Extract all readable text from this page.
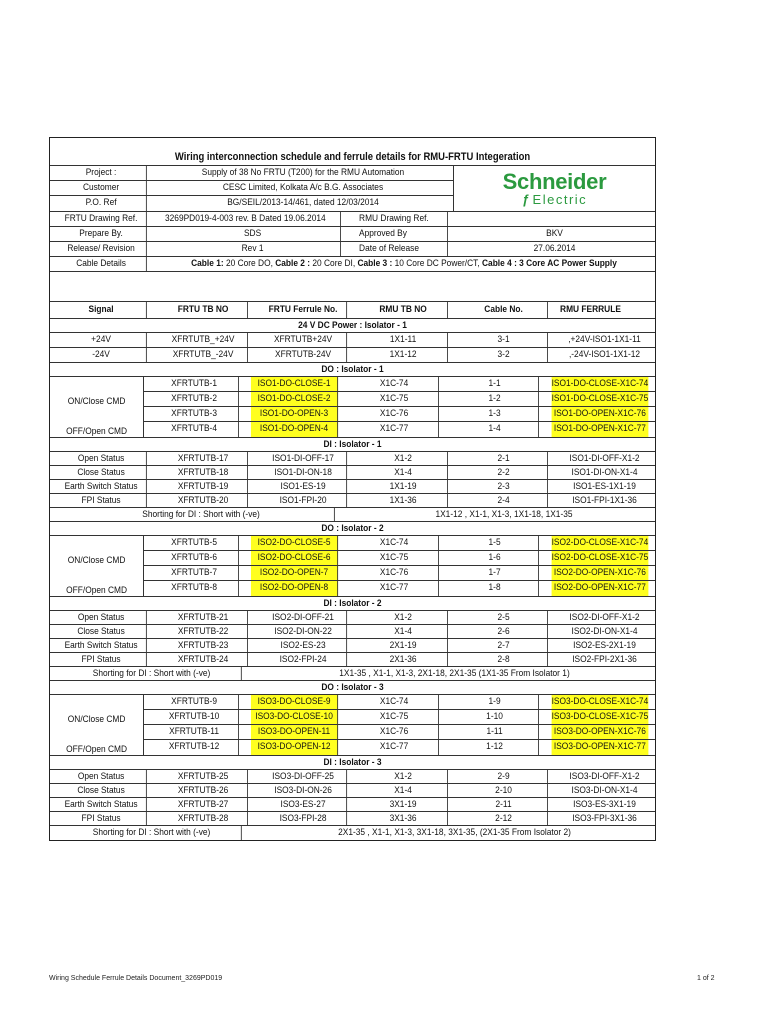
Wiring interconnection schedule and ferrule details for RMU-FRTU Integeration
Project :	Supply of 38 No FRTU (T200) for the RMU Automation
Customer	CESC Limited, Kolkata A/c B.G. Associates
P.O. Ref	BG/SEIL/2013-14/461, dated 12/03/2014
Schneider
ƒ Electric
FRTU Drawing Ref.	3269PD019-4-003 rev. B Dated 19.06.2014	RMU Drawing Ref.
Prepare By.	SDS	Approved By	BKV
Release/ Revision	Rev 1	Date of Release	27.06.2014
Cable Details	Cable 1: 20 Core DO, Cable 2 : 20 Core DI, Cable 3 : 10 Core DC Power/CT, Cable 4 : 3 Core AC Power Supply
Signal	FRTU TB NO	FRTU Ferrule No.	RMU TB NO	Cable No.	RMU FERRULE
24 V DC Power : Isolator - 1
+24V	XFRTUTB_+24V	XFRTUTB+24V	1X1-11	3-1	,+24V-ISO1-1X1-11
-24V	XFRTUTB_-24V	XFRTUTB-24V	1X1-12	3-2	,-24V-ISO1-1X1-12
DO : Isolator - 1
ON/Close CMD
OFF/Open CMD
XFRTUTB-1	ISO1-DO-CLOSE-1	X1C-74	1-1	ISO1-DO-CLOSE-X1C-74
XFRTUTB-2	ISO1-DO-CLOSE-2	X1C-75	1-2	ISO1-DO-CLOSE-X1C-75
XFRTUTB-3	ISO1-DO-OPEN-3	X1C-76	1-3	ISO1-DO-OPEN-X1C-76
XFRTUTB-4	ISO1-DO-OPEN-4	X1C-77	1-4	ISO1-DO-OPEN-X1C-77
DI : Isolator - 1
Open Status	XFRTUTB-17	ISO1-DI-OFF-17	X1-2	2-1	ISO1-DI-OFF-X1-2
Close Status	XFRTUTB-18	ISO1-DI-ON-18	X1-4	2-2	ISO1-DI-ON-X1-4
Earth Switch Status	XFRTUTB-19	ISO1-ES-19	1X1-19	2-3	ISO1-ES-1X1-19
FPI Status	XFRTUTB-20	ISO1-FPI-20	1X1-36	2-4	ISO1-FPI-1X1-36
Shorting for DI : Short with (-ve)	1X1-12 , X1-1, X1-3, 1X1-18, 1X1-35
DO : Isolator - 2
ON/Close CMD
OFF/Open CMD
XFRTUTB-5	ISO2-DO-CLOSE-5	X1C-74	1-5	ISO2-DO-CLOSE-X1C-74
XFRTUTB-6	ISO2-DO-CLOSE-6	X1C-75	1-6	ISO2-DO-CLOSE-X1C-75
XFRTUTB-7	ISO2-DO-OPEN-7	X1C-76	1-7	ISO2-DO-OPEN-X1C-76
XFRTUTB-8	ISO2-DO-OPEN-8	X1C-77	1-8	ISO2-DO-OPEN-X1C-77
DI : Isolator - 2
Open Status	XFRTUTB-21	ISO2-DI-OFF-21	X1-2	2-5	ISO2-DI-OFF-X1-2
Close Status	XFRTUTB-22	ISO2-DI-ON-22	X1-4	2-6	ISO2-DI-ON-X1-4
Earth Switch Status	XFRTUTB-23	ISO2-ES-23	2X1-19	2-7	ISO2-ES-2X1-19
FPI Status	XFRTUTB-24	ISO2-FPI-24	2X1-36	2-8	ISO2-FPI-2X1-36
Shorting for DI : Short with (-ve)	1X1-35 , X1-1, X1-3, 2X1-18, 2X1-35 (1X1-35 From Isolator 1)
DO : Isolator - 3
ON/Close CMD
OFF/Open CMD
XFRTUTB-9	ISO3-DO-CLOSE-9	X1C-74	1-9	ISO3-DO-CLOSE-X1C-74
XFRTUTB-10	ISO3-DO-CLOSE-10	X1C-75	1-10	ISO3-DO-CLOSE-X1C-75
XFRTUTB-11	ISO3-DO-OPEN-11	X1C-76	1-11	ISO3-DO-OPEN-X1C-76
XFRTUTB-12	ISO3-DO-OPEN-12	X1C-77	1-12	ISO3-DO-OPEN-X1C-77
DI : Isolator - 3
Open Status	XFRTUTB-25	ISO3-DI-OFF-25	X1-2	2-9	ISO3-DI-OFF-X1-2
Close Status	XFRTUTB-26	ISO3-DI-ON-26	X1-4	2-10	ISO3-DI-ON-X1-4
Earth Switch Status	XFRTUTB-27	ISO3-ES-27	3X1-19	2-11	ISO3-ES-3X1-19
FPI Status	XFRTUTB-28	ISO3-FPI-28	3X1-36	2-12	ISO3-FPI-3X1-36
Shorting for DI : Short with (-ve)	2X1-35 , X1-1, X1-3, 3X1-18, 3X1-35, (2X1-35 From Isolator 2)
Wiring Schedule Ferrule Details Document_3269PD019	1 of 2
